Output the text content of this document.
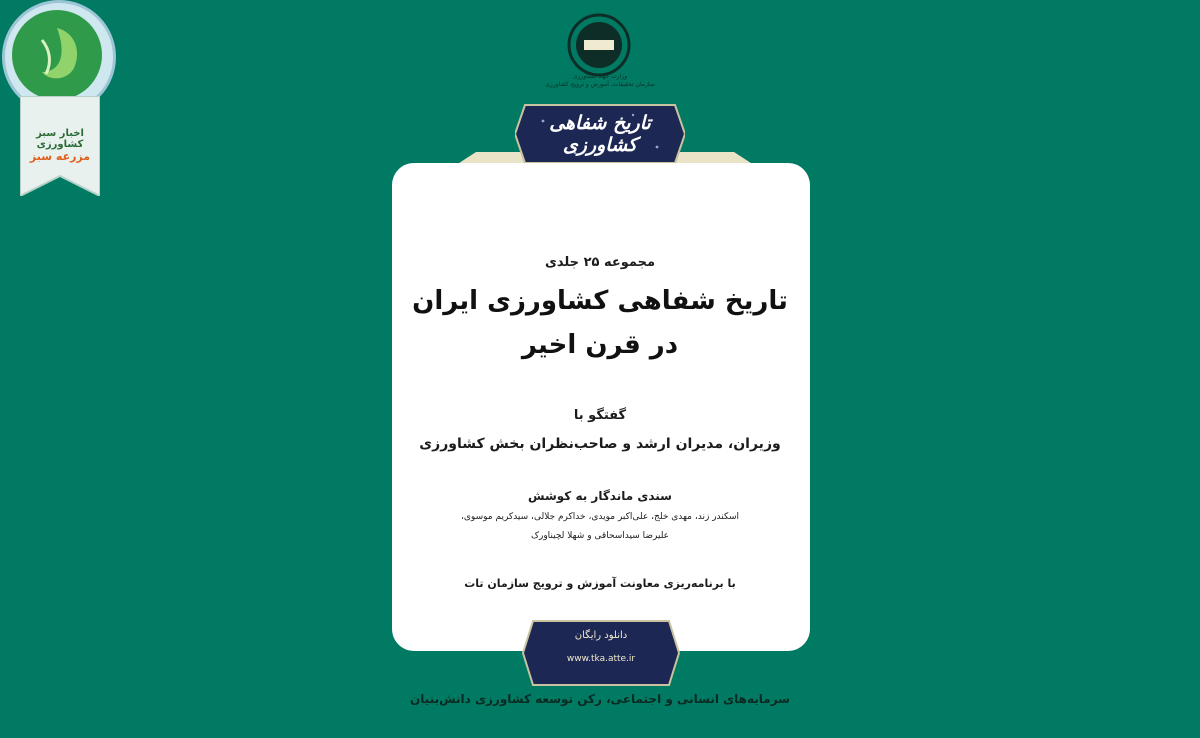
اخبار سبز کشاورزی
مزرعه سبز
وزارت جهاد کشاورزی
سازمان تحقیقات، آموزش و ترویج کشاورزی
تاریخ شفاهی کشاورزی
مجموعه ۲۵ جلدی
تاریخ شفاهی کشاورزی ایران
در قرن اخیر
گفتگو با
وزیران، مدیران ارشد و صاحب‌نظران بخش کشاورزی
سندی ماندگار به کوشش
اسکندر زند، مهدی خلج، علی‌اکبر مویدی، خداکرم جلالی، سیدکریم موسوی،
علیرضا سیداسحاقی و شهلا لچیناورک
با برنامه‌ریزی معاونت آموزش و ترویج سازمان تات
دانلود رایگان
www.tka.atte.ir
سرمایه‌های انسانی و اجتماعی، رکن توسعه کشاورزی دانش‌بنیان
